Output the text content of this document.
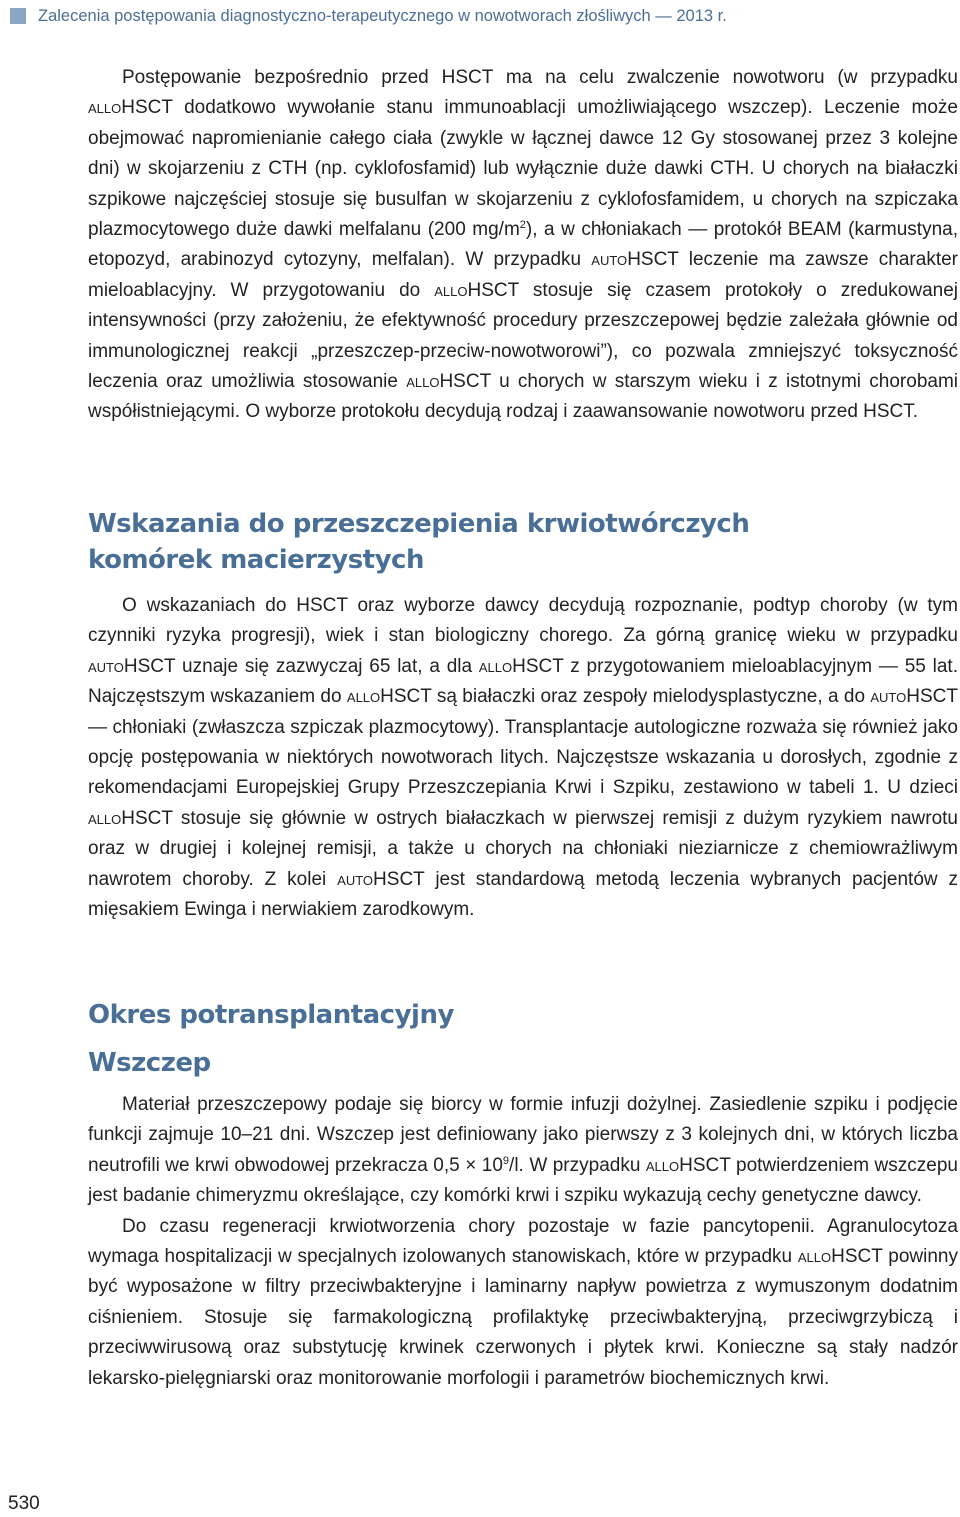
Zalecenia postępowania diagnostyczno-terapeutycznego w nowotworach złośliwych — 2013 r.

Postępowanie bezpośrednio przed HSCT ma na celu zwalczenie nowotworu (w przypadku alloHSCT dodatkowo wywołanie stanu immunoablacji umożliwiającego wszczep). Leczenie może obejmować napromienianie całego ciała (zwykle w łącznej dawce 12 Gy stosowanej przez 3 kolejne dni) w skojarzeniu z CTH (np. cyklofosfamid) lub wyłącznie duże dawki CTH. U chorych na białaczki szpikowe najczęściej stosuje się busulfan w skojarzeniu z cyklofosfamidem, u chorych na szpiczaka plazmocytowego duże dawki melfalanu (200 $mg/m^2$), a w chłoniakach — protokół BEAM (karmustyna, etopozyd, arabinozyd cytozyny, melfalan). W przypadku autoHSCT leczenie ma zawsze charakter mieloablacyjny. W przygotowaniu do alloHSCT stosuje się czasem protokoły o zredukowanej intensywności (przy założeniu, że efektywność procedury przeszczepowej będzie zależała głównie od immunologicznej reakcji „przeszczep-przeciw-nowotworowi”), co pozwala zmniejszyć toksyczność leczenia oraz umożliwia stosowanie alloHSCT u chorych w starszym wieku i z istotnymi chorobami współistniejącymi. O wyborze protokołu decydują rodzaj i zaawansowanie nowotworu przed HSCT.

Wskazania do przeszczepienia krwiotwórczych
komórek macierzystych

O wskazaniach do HSCT oraz wyborze dawcy decydują rozpoznanie, podtyp choroby (w tym czynniki ryzyka progresji), wiek i stan biologiczny chorego. Za górną granicę wieku w przypadku autoHSCT uznaje się zazwyczaj 65 lat, a dla alloHSCT z przygotowaniem mieloablacyjnym — 55 lat. Najczęstszym wskazaniem do alloHSCT są białaczki oraz zespoły mielodysplastyczne, a do autoHSCT — chłoniaki (zwłaszcza szpiczak plazmocytowy). Transplantacje autologiczne rozważa się również jako opcję postępowania w niektórych nowotworach litych. Najczęstsze wskazania u dorosłych, zgodnie z rekomendacjami Europejskiej Grupy Przeszczepiania Krwi i Szpiku, zestawiono w tabeli 1. U dzieci alloHSCT stosuje się głównie w ostrych białaczkach w pierwszej remisji z dużym ryzykiem nawrotu oraz w drugiej i kolejnej remisji, a także u chorych na chłoniaki nieziarnicze z chemiowrażliwym nawrotem choroby. Z kolei autoHSCT jest standardową metodą leczenia wybranych pacjentów z mięsakiem Ewinga i nerwiakiem zarodkowym.

Okres potransplantacyjny
Wszczep

Materiał przeszczepowy podaje się biorcy w formie infuzji dożylnej. Zasiedlenie szpiku i podjęcie funkcji zajmuje 10–21 dni. Wszczep jest definiowany jako pierwszy z 3 kolejnych dni, w których liczba neutrofili we krwi obwodowej przekracza $0,5 \times 10^9/l$. W przypadku alloHSCT potwierdzeniem wszczepu jest badanie chimeryzmu określające, czy komórki krwi i szpiku wykazują cechy genetyczne dawcy.

Do czasu regeneracji krwiotworzenia chory pozostaje w fazie pancytopenii. Agranulocytoza wymaga hospitalizacji w specjalnych izolowanych stanowiskach, które w przypadku alloHSCT powinny być wyposażone w filtry przeciwbakteryjne i laminarny napływ powietrza z wymuszonym dodatnim ciśnieniem. Stosuje się farmakologiczną profilaktykę przeciwbakteryjną, przeciwgrzybiczą i przeciwwirusową oraz substytucję krwinek czerwonych i płytek krwi. Konieczne są stały nadzór lekarsko-pielęgniarski oraz monitorowanie morfologii i parametrów biochemicznych krwi.

530
